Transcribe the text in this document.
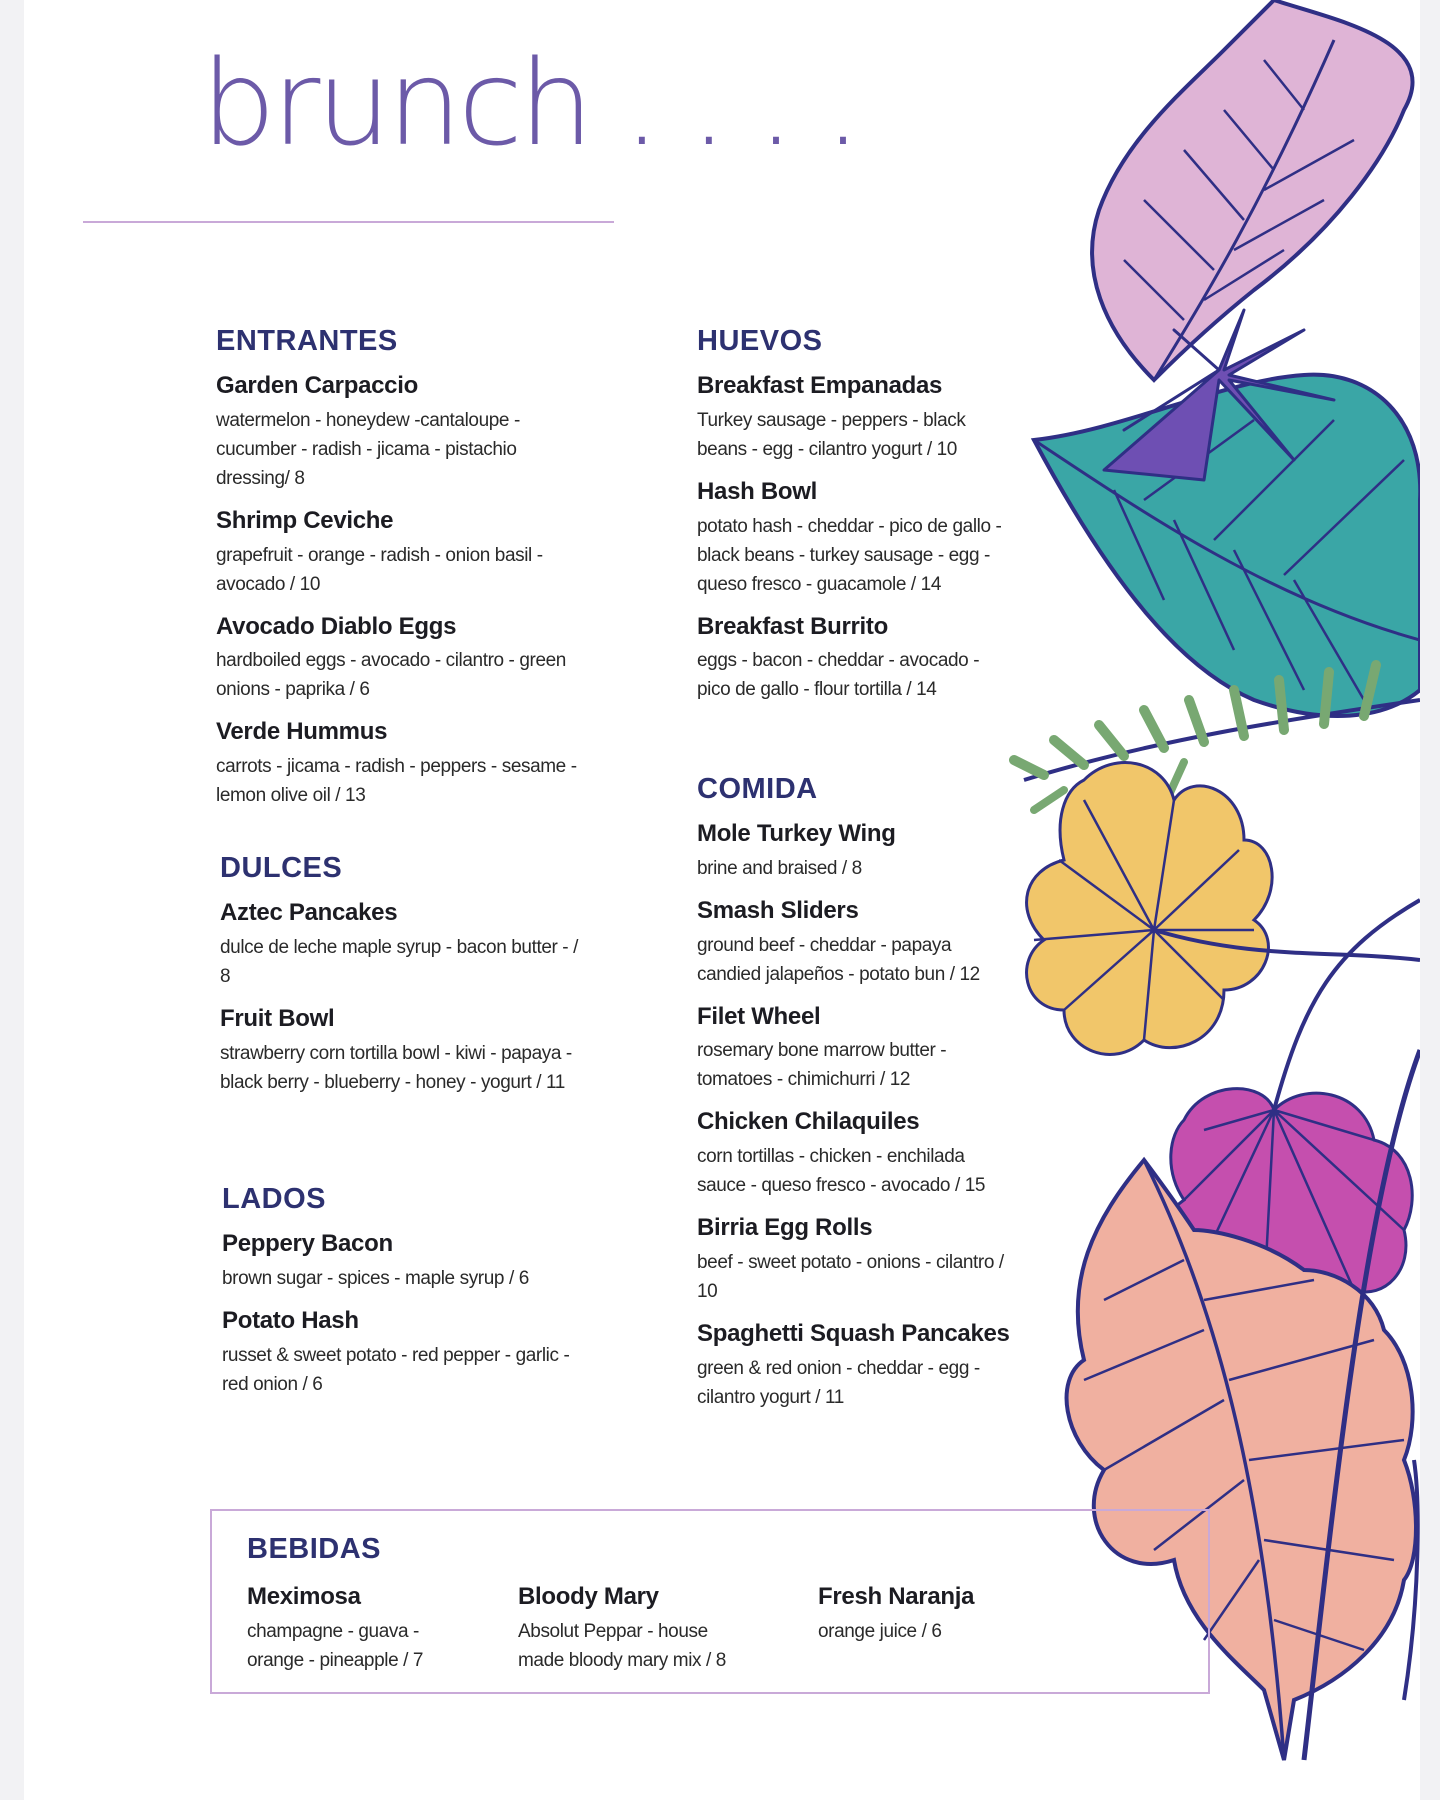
brunch . . . .
ENTRANTES
Garden Carpaccio
watermelon - honeydew -cantaloupe - cucumber - radish - jicama - pistachio dressing/ 8
Shrimp Ceviche
grapefruit - orange - radish - onion basil - avocado / 10
Avocado Diablo Eggs
hardboiled eggs - avocado - cilantro - green onions - paprika / 6
Verde Hummus
carrots - jicama - radish - peppers - sesame - lemon olive oil / 13
DULCES
Aztec Pancakes
dulce de leche maple syrup - bacon butter - / 8
Fruit Bowl
strawberry corn tortilla bowl - kiwi - papaya - black berry - blueberry - honey - yogurt / 11
LADOS
Peppery Bacon
brown sugar - spices - maple syrup / 6
Potato Hash
russet & sweet potato - red pepper - garlic - red onion / 6
HUEVOS
Breakfast Empanadas
Turkey sausage - peppers - black beans - egg - cilantro yogurt / 10
Hash Bowl
potato hash - cheddar - pico de gallo - black beans - turkey sausage - egg - queso fresco - guacamole / 14
Breakfast Burrito
eggs - bacon - cheddar - avocado - pico de gallo - flour tortilla / 14
COMIDA
Mole Turkey Wing
brine and braised / 8
Smash Sliders
ground beef - cheddar - papaya candied jalapeños - potato bun / 12
Filet Wheel
rosemary bone marrow butter - tomatoes - chimichurri / 12
Chicken Chilaquiles
corn tortillas - chicken - enchilada sauce - queso fresco - avocado / 15
Birria Egg Rolls
beef - sweet potato - onions - cilantro / 10
Spaghetti Squash Pancakes
green & red onion - cheddar - egg - cilantro yogurt / 11
BEBIDAS
Meximosa
champagne - guava - orange - pineapple / 7
Bloody Mary
Absolut Peppar - house made bloody mary mix / 8
Fresh Naranja
orange juice / 6
